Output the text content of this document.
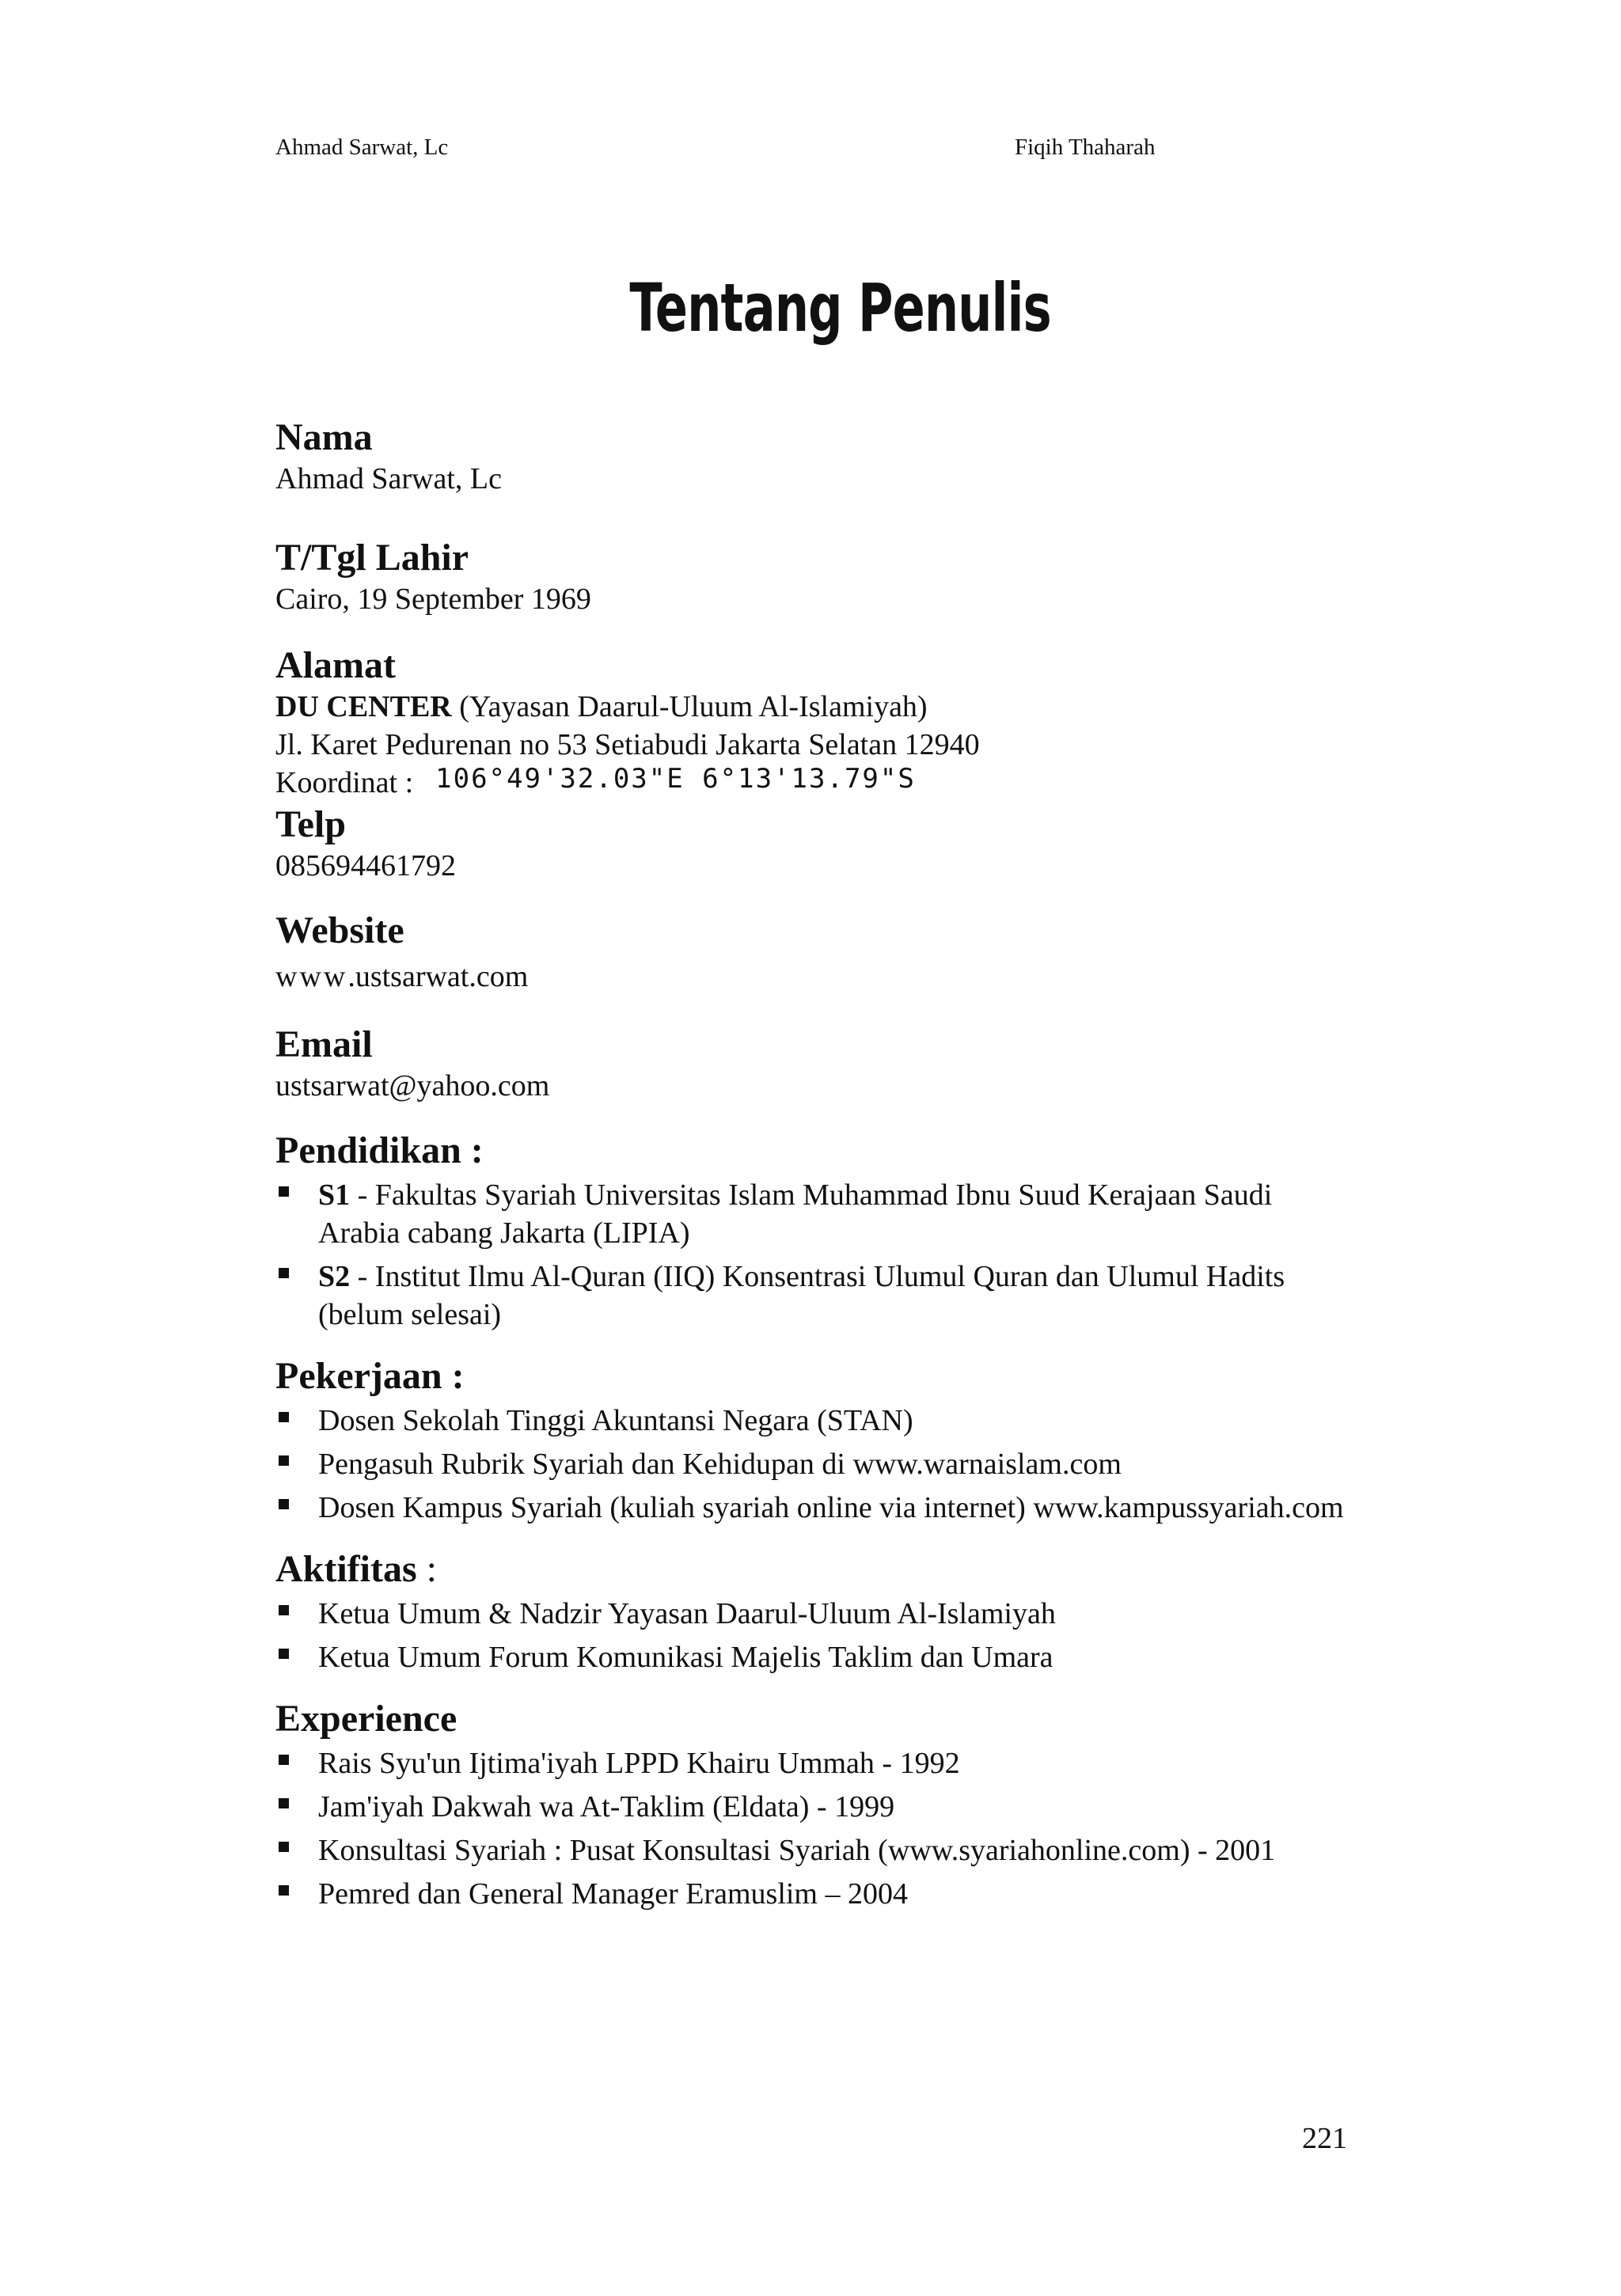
Ahmad Sarwat, Lc	Fiqih Thaharah
Tentang Penulis
Nama
Ahmad Sarwat, Lc
T/Tgl Lahir
Cairo, 19 September 1969
Alamat
DU CENTER (Yayasan Daarul-Uluum Al-Islamiyah)
Jl. Karet Pedurenan no 53 Setiabudi Jakarta Selatan 12940
Koordinat : 106°49'32.03"E 6°13'13.79"S
Telp
085694461792
Website
www.ustsarwat.com
Email
ustsarwat@yahoo.com
Pendidikan :
S1 - Fakultas Syariah Universitas Islam Muhammad Ibnu Suud Kerajaan Saudi Arabia cabang Jakarta (LIPIA)
S2 - Institut Ilmu Al-Quran (IIQ) Konsentrasi Ulumul Quran dan Ulumul Hadits (belum selesai)
Pekerjaan :
Dosen Sekolah Tinggi Akuntansi Negara (STAN)
Pengasuh Rubrik Syariah dan Kehidupan di www.warnaislam.com
Dosen Kampus Syariah (kuliah syariah online via internet) www.kampussyariah.com
Aktifitas :
Ketua Umum & Nadzir Yayasan Daarul-Uluum Al-Islamiyah
Ketua Umum Forum Komunikasi Majelis Taklim dan Umara
Experience
Rais Syu'un Ijtima'iyah LPPD Khairu Ummah - 1992
Jam'iyah Dakwah wa At-Taklim (Eldata) - 1999
Konsultasi Syariah : Pusat Konsultasi Syariah (www.syariahonline.com) - 2001
Pemred dan General Manager Eramuslim – 2004
221
